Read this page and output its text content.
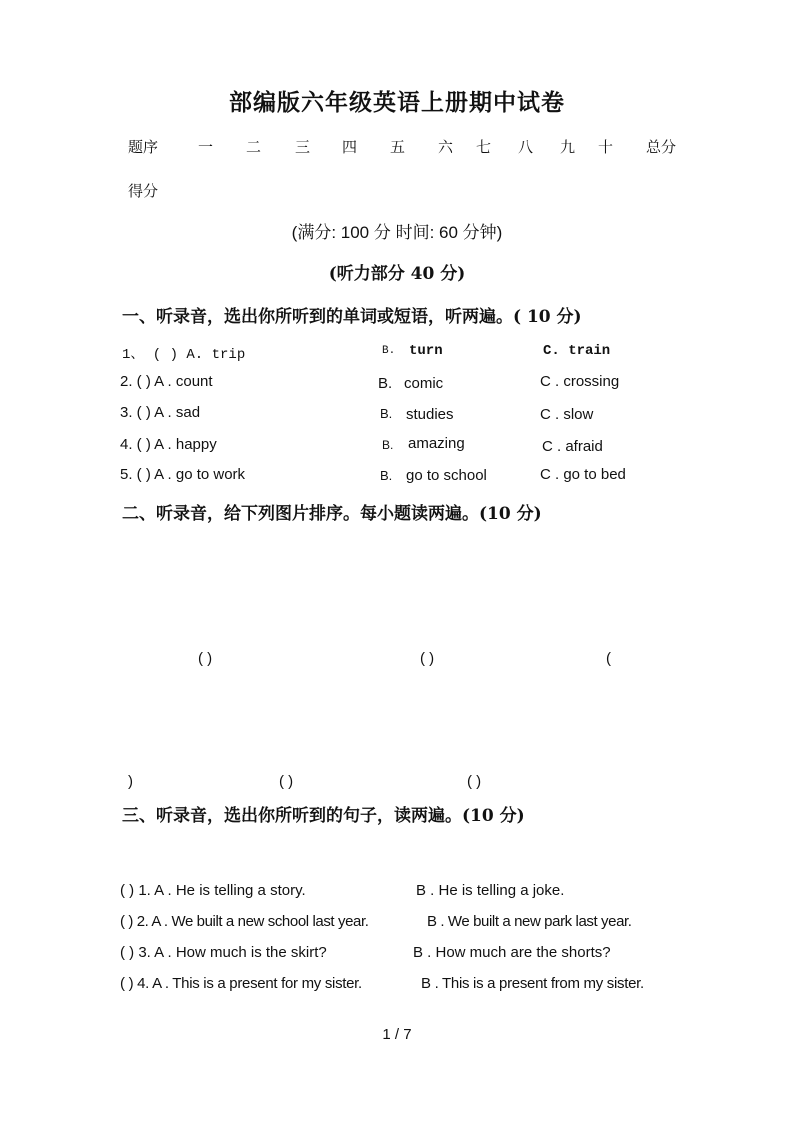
部编版六年级英语上册期中试卷
题序	一 二 三 四 五 六 七 八 九 十 总分
得分
(满分: 100 分 时间: 60 分钟)
(听力部分 40 分)
一、听录音，选出你所听到的单词或短语，听两遍。( 10 分)
1、 ( ) A. trip	B. turn	C. train
2. ( ) A . count	B. comic	C . crossing
3. ( ) A . sad	B. studies	C . slow
4. ( ) A . happy	B. amazing	C . afraid
5. ( ) A . go to work	B. go to school	C . go to bed
二、听录音，给下列图片排序。每小题读两遍。(10 分)
( )	( )	(
)	( )	( )
三、听录音，选出你所听到的句子，读两遍。(10 分)
( ) 1. A . He is telling a story.	B . He is telling a joke.
( ) 2. A . We built a new school last year.	B . We built a new park last year.
( ) 3. A . How much is the skirt?	B . How much are the shorts?
( ) 4. A . This is a present for my sister.	B . This is a present from my sister.
1 / 7
